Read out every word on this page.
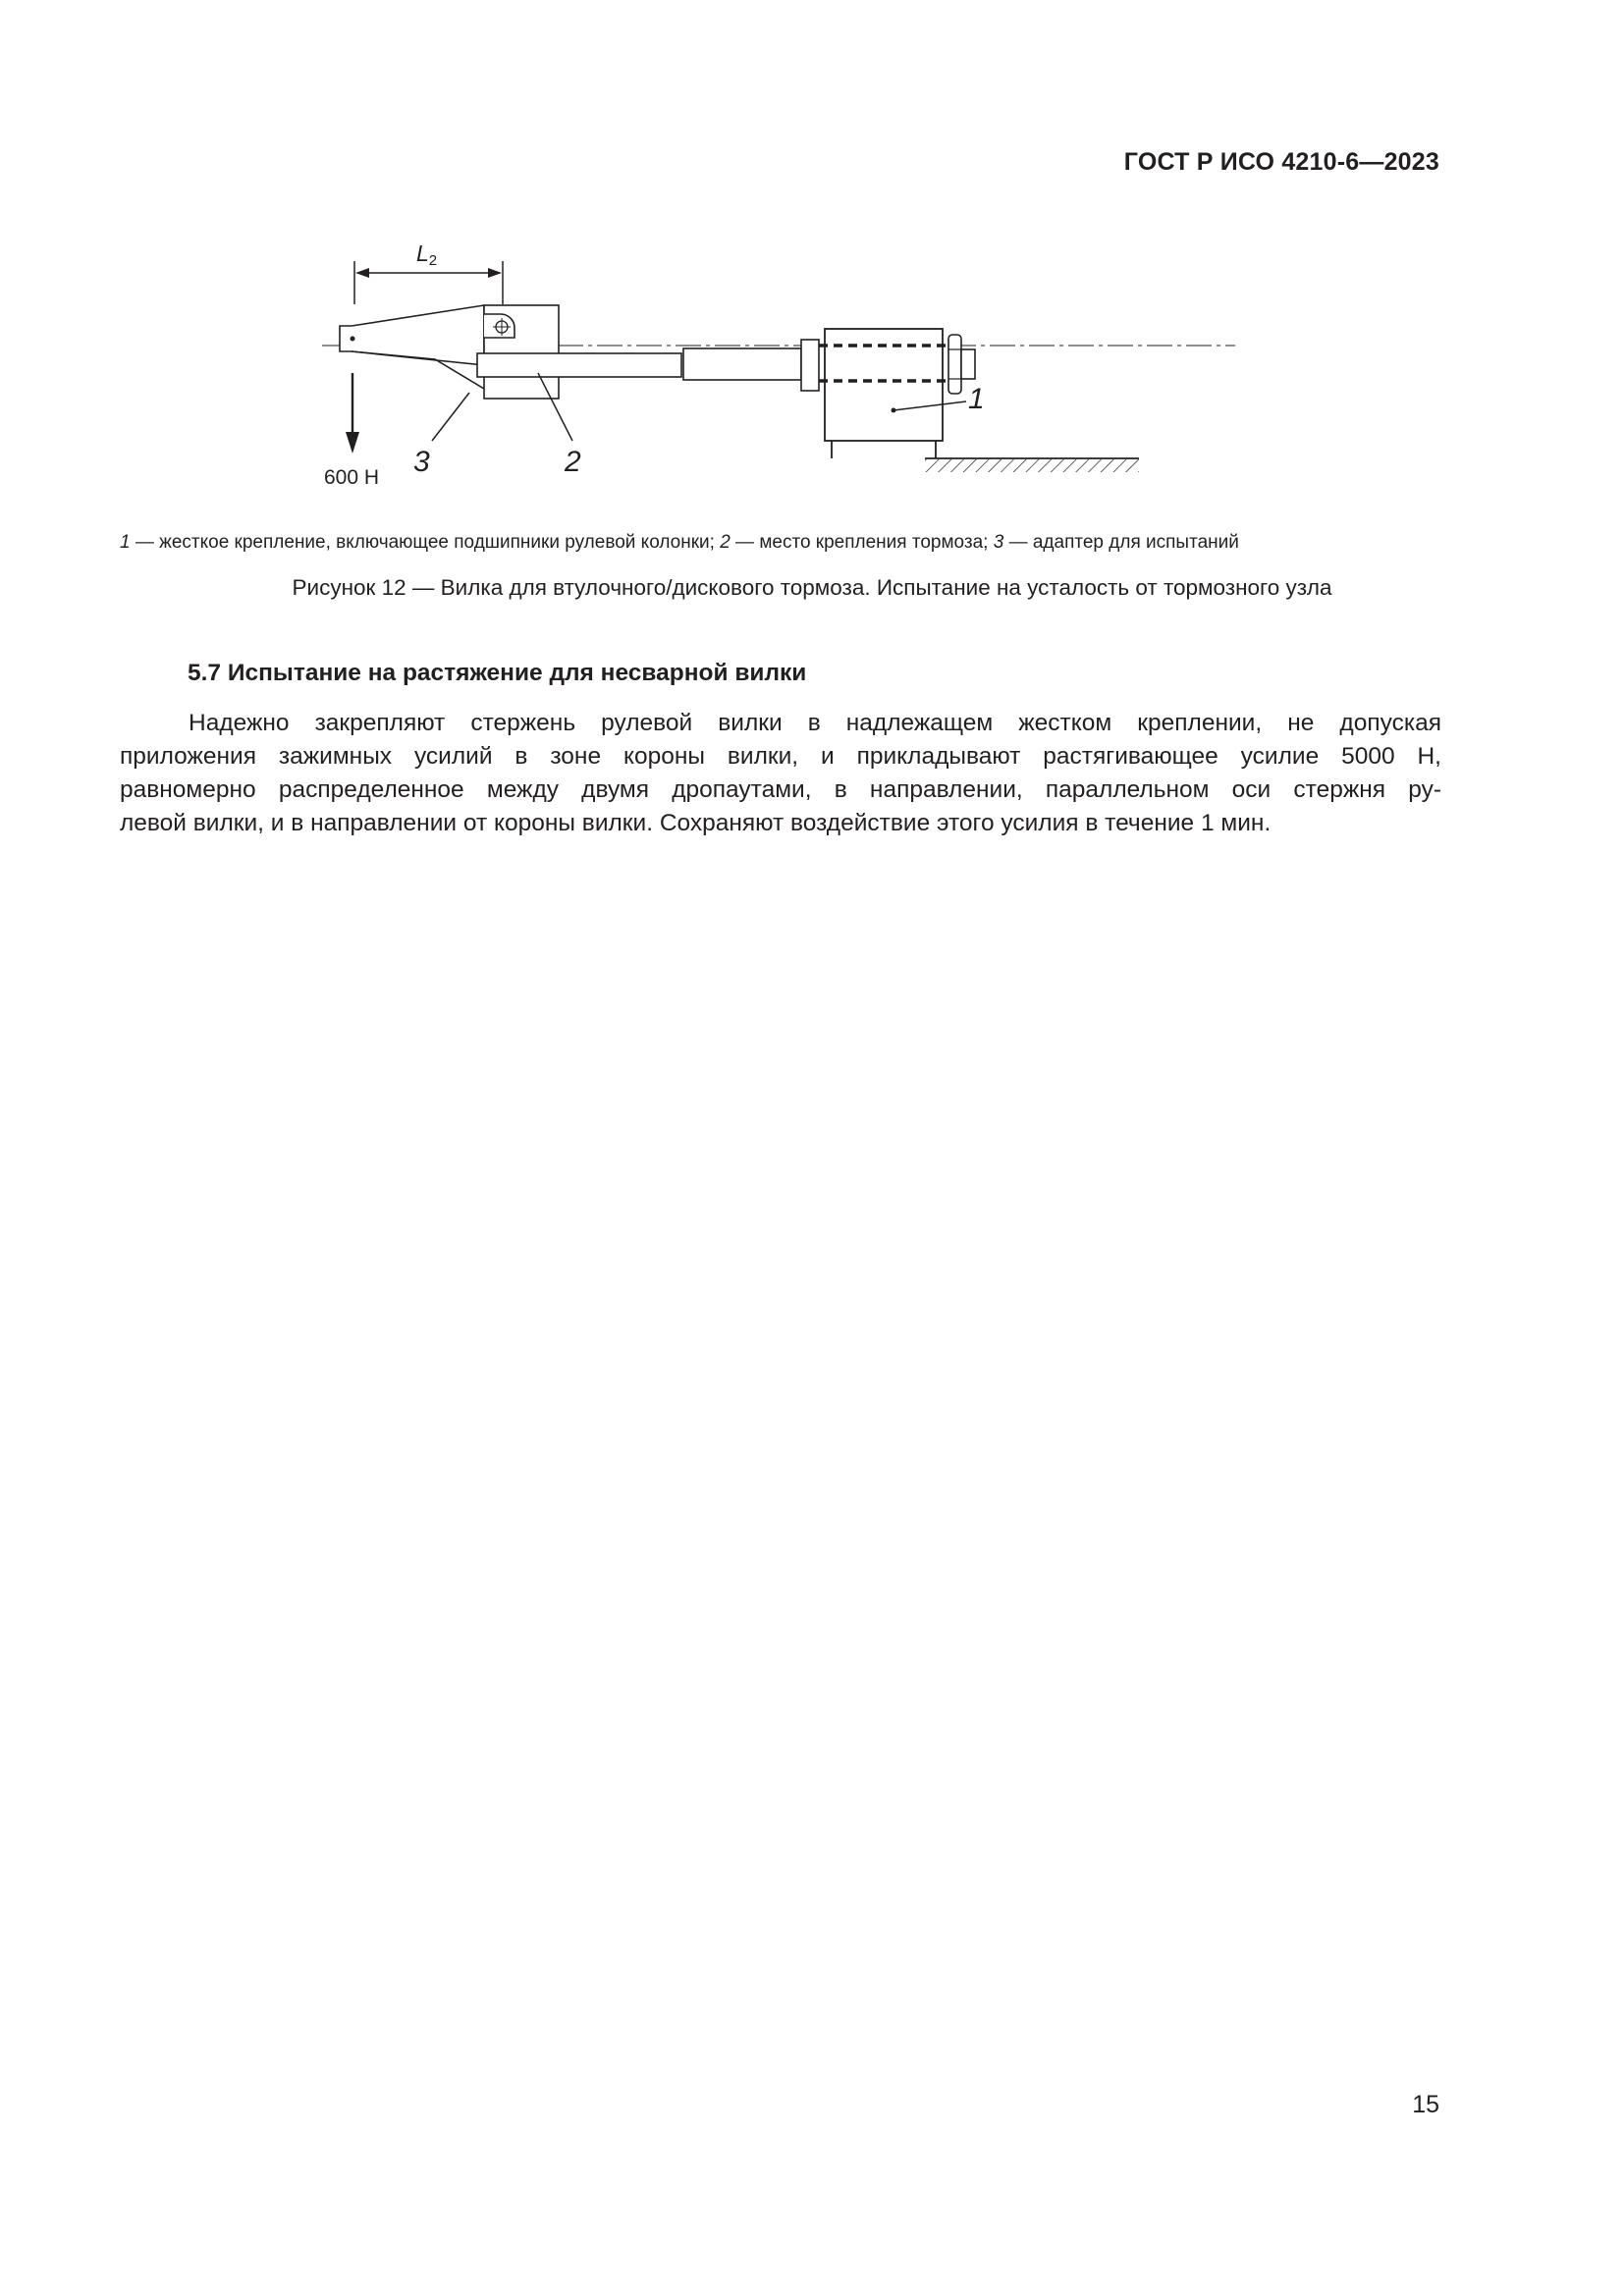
ГОСТ Р ИСО 4210-6—2023
L2
600 Н 3	2
1
1 — жесткое крепление, включающее подшипники рулевой колонки; 2 — место крепления тормоза; 3 — адаптер для испытаний
Рисунок 12 — Вилка для втулочного/дискового тормоза. Испытание на усталость от тормозного узла
5.7 Испытание на растяжение для несварной вилки
Надежно закрепляют стержень рулевой вилки в надлежащем жестком креплении, не допуская
приложения зажимных усилий в зоне короны вилки, и прикладывают растягивающее усилие 5000 Н,
равномерно распределенное между двумя дропаутами, в направлении, параллельном оси стержня ру-
левой вилки, и в направлении от короны вилки. Сохраняют воздействие этого усилия в течение 1 мин.
15
